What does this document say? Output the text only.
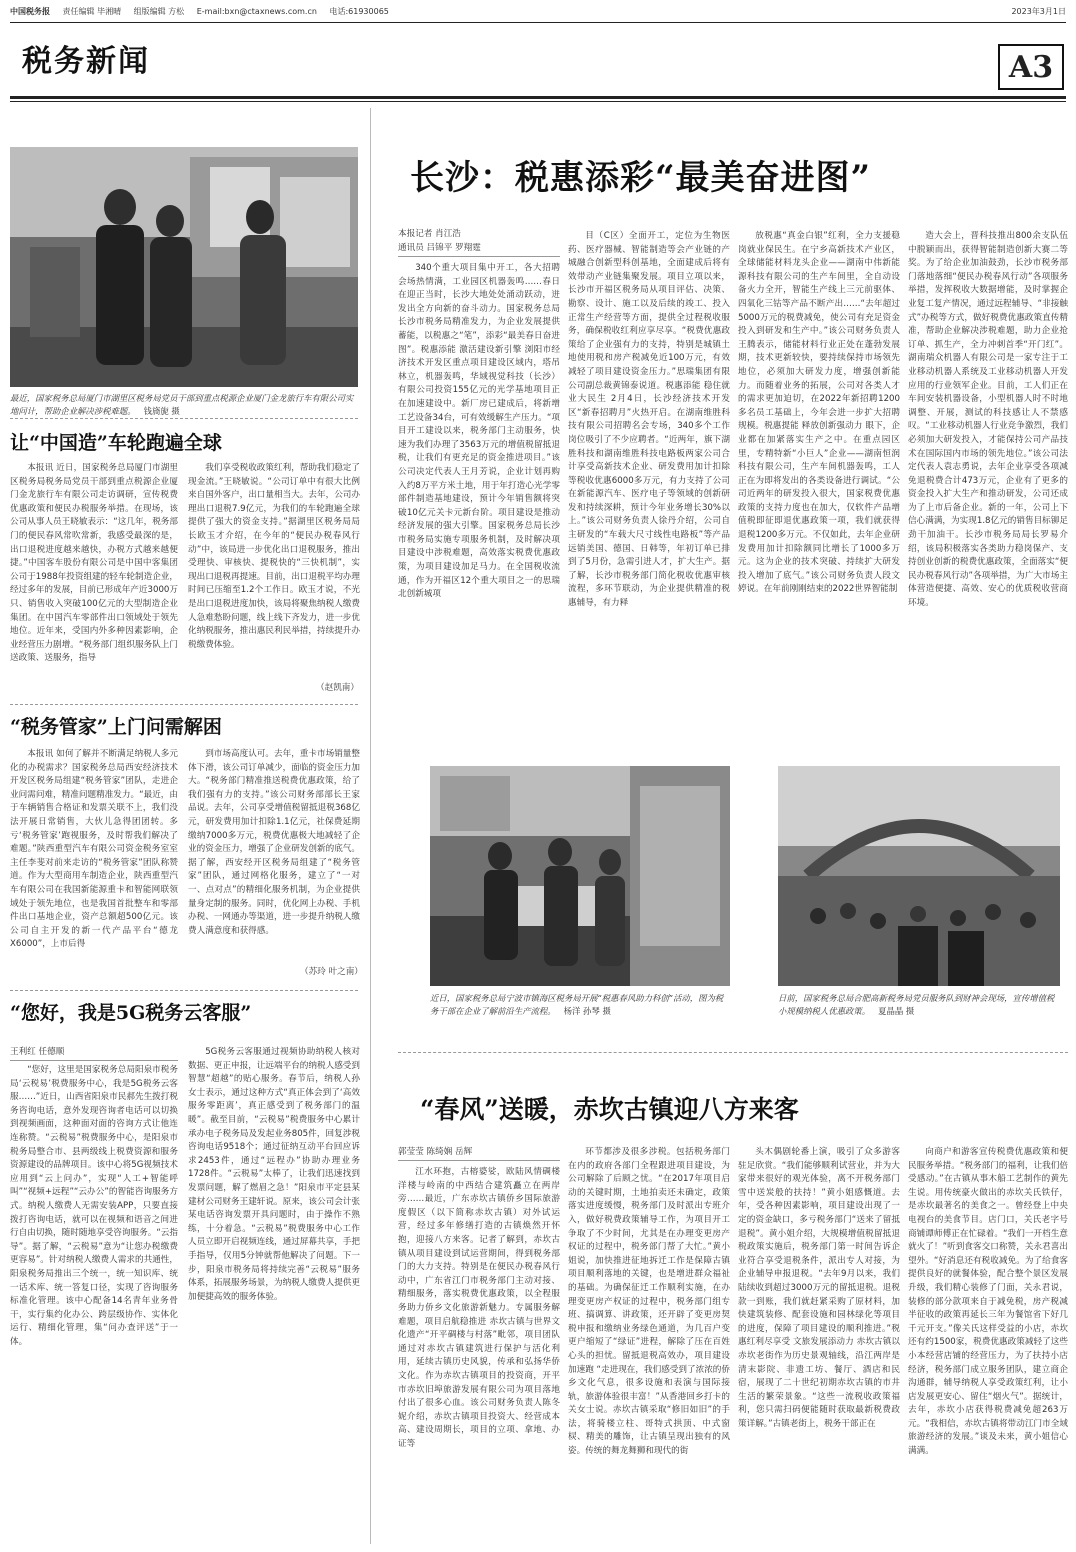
中国税务报 责任编辑 毕湘晴 组版编辑 方松 E-mail:bxn@ctaxnews.com.cn 电话:61930065	2023年3月1日
税务新闻	A3
最近，国家税务总局厦门市湖里区税务局党员干部到重点税源企业厦门金龙旅行车有限公司实地问计，帮助企业解决涉税难题。 钱旖旎 摄
让“中国造”车轮跑遍全球
本报讯 近日，国家税务总局厦门市湖里区税务局税务局党员干部到重点税源企业厦门金龙旅行车有限公司走访调研，宣传税费优惠政策和便民办税服务举措。在现场，该公司从事人员王晓敏表示：“这几年，税务部门的便民春风常吹常新，我感受最深的是，出口退税进度越来越快，办税方式越来越便捷。”中国客车股份有限公司是中国中客集团公司于1988年投资组建的轻车轮制造企业，经过多年的发展，目前已形成年产近3000万只、销售收入突破100亿元的大型制造企业集团。在中国汽车零部件出口领域处于领先地位。近年来，受国内外多种因素影响，企业经营压力剧增。“税务部门组织服务队上门送政策、送服务，指导
我们享受税收政策红利，帮助我们稳定了现金流。”王晓敏说。“公司订单中有很大比例来自国外客户，出口量相当大。去年，公司办理出口退税7.9亿元，为我们的车轮跑遍全球提供了强大的资金支持。”据湖里区税务局局长欧玉才介绍，在今年的“便民办税春风行动”中，该局进一步优化出口退税服务，推出受理快、审核快、提税快的“三快机制”，实现出口退税再提速。目前，出口退税平均办理时间已压缩至1.2个工作日。欧玉才说，不光是出口退税进度加快，该局将聚焦纳税人缴费人急难愁盼问题，线上线下齐发力，进一步优化纳税服务，推出惠民利民举措，持续提升办税缴费体验。
（赵凯南）
“税务管家”上门问需解困
本报讯 如何了解并不断满足纳税人多元化的办税需求？国家税务总局西安经济技术开发区税务局组建“税务管家”团队，走进企业问需问难，精准问题精准发力。“最近，由于车辆销售合格证和发票关联不上，我们没法开展日常销售，大伙儿急得团团转。多亏‘税务管家’跑视服务，及时帮我们解决了难题。”陕西重型汽车有限公司资金税务室室主任李斐对前来走访的“税务管家”团队称赞道。作为大型商用车制造企业，陕西重型汽车有限公司在我国新能源重卡和智能网联领域处于领先地位，也是我国首批整车和零部件出口基地企业，资产总额超500亿元。该公司自主开发的新一代产品平台“德龙X6000”，上市后得
到市场高度认可。去年，重卡市场销量整体下滑，该公司订单减少，面临的资金压力加大。“税务部门精准推送税费优惠政策，给了我们强有力的支持。”该公司财务部部长王家品说。去年，公司享受增值税留抵退税368亿元，研发费用加计扣除1.1亿元，社保费延期缴纳7000多万元，税费优惠极大地减轻了企业的资金压力，增强了企业研发创新的底气。据了解，西安经开区税务局组建了“税务管家”团队，通过网格化服务，建立了“一对一、点对点”的精细化服务机制，为企业提供量身定制的服务。同时，优化网上办税、手机办税、一网通办等渠道，进一步提升纳税人缴费人满意度和获得感。
（苏玲 叶之南）
“您好，我是5G税务云客服”
王利红 任德顺
“您好，这里是国家税务总局阳泉市税务局‘云税易’税费服务中心，我是5G税务云客服……”近日，山西省阳泉市民郝先生拨打税务咨询电话，意外发现咨询者电话可以切换到视频画面，这种面对面的咨询方式让他连连称赞。“云税易”税费服务中心，是阳泉市税务局整合市、县两级线上税费资源和服务资源建设的品牌项目。该中心将5G视频技术应用到“云上问办”，实现“人工+智能呼叫”“视频+远程”“云办公”的智能咨询服务方式。纳税人缴费人无需安装APP，只要直接拨打咨询电话，就可以在视频和语音之间进行自由切换，随时随地享受咨询服务。“云指导”。据了解，“云税易”意为“让您办税缴费更容易”。针对纳税人缴费人需求的共通性，阳泉税务局推出三个统一，统一知识库、统一话术库、统一答复口径，实现了咨询服务标准化管理。该中心配备14名青年业务骨干，实行集约化办公、跨层级协作、实体化运行、精细化管理，集“问办查评送”于一体。
5G税务云客服通过视频协助纳税人核对数据、更正申报，让远端平台的纳税人感受到智慧“超越”的贴心服务。春节后，纳税人孙女士表示，通过这种方式“真正体会到了‘高效服务零距离’，真正感受到了税务部门的温暖”。截至目前，“云税易”税费服务中心累计承办电子税务局及发起业务805件，回复涉税咨询电话9518个；通过征纳互动平台回应诉求2453件，通过“远程办”协助办理业务1728件。“云税易”太棒了，让我们迅速找到发票问题，解了燃眉之急！”阳泉市平定县某建材公司财务王建轩说。原来，该公司会计张某电话咨询发票开具问题时，由于操作不熟练，十分着急。“云税易”税费服务中心工作人员立即开启视频连线，通过屏幕共享，手把手指导，仅用5分钟就帮他解决了问题。下一步，阳泉市税务局将持续完善“云税易”服务体系，拓展服务场景，为纳税人缴费人提供更加便捷高效的服务体验。
长沙：税惠添彩“最美奋进图”
本报记者 肖江浩
通讯员 吕锦平 罗翔霆
340个重大项目集中开工，各大招聘会场热情满，工业园区机器轰鸣……春日在迎正当时，长沙大地处处涌动跃动，迸发出全方向新的奋斗动力。国家税务总局长沙市税务局精准发力，为企业发展提供蓄能，以税惠之“笔”，添彩“最美春日奋进图”。税惠添能 激活建设新引擎 浏阳市经济技术开发区重点项目建设区域内，塔吊林立，机器轰鸣，华域视觉科技（长沙）有限公司投资155亿元的光学基地项目正在加速建设中。新厂房已建成后，将新增工艺设备34台，可有效缓解生产压力。“项目开工建设以来，税务部门主动服务，快速为我们办理了3563万元的增值税留抵退税，让我们有更充足的资金推进项目。”该公司决定代表人王月芳说，企业计划再购入约8万平方米土地，用于年打造心光学零部件制造基地建设，预计今年销售额将突破10亿元关卡元新台阶。项目建设是推动经济发展的强大引擎。国家税务总局长沙市税务局实施专项服务机制，及时解决项目建设中涉税难题，高效落实税费优惠政策，为项目建设加足马力。在全国税收流通，作为开福区12个重大项目之一的思瑞北创新城项
目（C区）全面开工，定位为生物医药、医疗器械、智能制造等会产业链的产城融合创新型科创基地，全面建成后将有效带动产业链集聚发展。项目立项以来，长沙市开福区税务局从项目评估、决策、勘察、设计、施工以及后续的竣工、投入正常生产经营等方面，提供全过程税收服务，确保税收红利应享尽享。“税费优惠政策给了企业强有力的支持，特别是城镇土地使用税和房产税减免近100万元，有效减轻了项目建设资金压力。”思瑞集团有限公司副总裁黄锦泰说道。税惠添能 稳住就业大民生 2月4日，长沙经济技术开发区“新春招聘月”火热开启。在湖南维胜科技有限公司招聘名会专场，340多个工作岗位吸引了不少应聘者。“近两年，旗下湖胜科技和湖南维胜科技电路板两家公司合计享受高新技术企业、研发费用加计扣除等税收优惠6000多万元，有力支持了公司在新能源汽车、医疗电子等领域的创新研发和持续深耕，预计今年业务增长30%以上。”该公司财务负责人徐丹介绍，公司自主研发的“车载大尺寸线性电路板”等产品远销美国、德国、日韩等，年初订单已排到了5月份，急需引进人才，扩大生产。据了解，长沙市税务部门简化税收优惠审核流程，多环节联动，为企业提供精准的税惠辅导，有力释
放税惠“真金白银”红利，全力支援稳岗就业保民生。在宁乡高新技术产业区，全球储能材料龙头企业——湖南中伟新能源科技有限公司的生产车间里，全自动设备火力全开，智能生产线上三元前驱体、四氧化三钴等产品不断产出……“去年超过5000万元的税费减免，使公司有充足资金投入到研发和生产中。”该公司财务负责人王腾表示，储能材料行业正处在蓬勃发展期，技术更新较快，要持续保持市场领先地位，必须加大研发力度，增强创新能力。而随着业务的拓展，公司对各类人才的需求更加迫切，在2022年新招聘1200多名员工基础上，今年会进一步扩大招聘规模。税惠提能 释放创新强动力 眼下，企业都在加紧落实生产之中。在重点园区里，专精特新“小巨人”企业——湖南恒润科技有限公司，生产车间机器轰鸣，工人正在为即将发出的各类设备进行调试。“公司近两年的研发投入很大，国家税费优惠政策的支持力度也在加大，仅软件产品增值税即征即退优惠政策一项，我们就获得退税1200多万元。不仅如此，去年企业研发费用加计扣除额同比增长了1000多万元。这为企业的技术突破、持续扩大研发投入增加了底气。”该公司财务负责人段文婷说。在年前刚刚结束的2022世界智能制
造大会上，晋科技推出800余支队伍中脱颖而出，获得智能制造创新大赛二等奖。为了给企业加油鼓劲，长沙市税务部门落地落细“便民办税春风行动”各项服务举措，发挥税收大数据增能，及时掌握企业复工复产情况，通过远程辅导、“非接触式”办税等方式，做好税费优惠政策直传精准，帮助企业解决涉税难题，助力企业抢订单、抓生产，全力冲刺首季“开门红”。湖南瑞众机器人有限公司是一家专注于工业移动机器人系统及工业移动机器人开发应用的行业领军企业。目前，工人们正在车间安装机器设备，小型机器人时不时地调整、开展，测试的科技感让人不禁感叹。“工业移动机器人行业竞争激烈，我们必须加大研发投入，才能保持公司产品技术在国际国内市场的领先地位。”该公司法定代表人袁志勇说，去年企业享受各项减免退税费合计473万元，企业有了更多的资金投入扩大生产和推动研发，公司还成为了上市后备企业。新的一年，公司上下信心满满，为实现1.8亿元的销售目标铆足劲干加油干。长沙市税务局局长罗易介绍，该局积极落实各类助力稳岗保产、支持创业创新的税费优惠政策，全面落实“便民办税春风行动”各项举措，为广大市场主体营造便捷、高效、安心的优质税收营商环境。
近日，国家税务总局宁波市镇海区税务局开展“税惠春风助力科创”活动，图为税务干部在企业了解前沿生产流程。 杨洋 孙琴 摄
日前，国家税务总局合肥高新税务局党员服务队到财神会现场，宣传增值税小规模纳税人优惠政策。 夏晶晶 摄
“春风”送暖，赤坎古镇迎八方来客
郭莹莹 陈绮娴 岳辉
江水环抱，古榕婆娑，欧陆风情碉楼洋楼与岭南的中西结合建筑矗立在两岸旁……最近，广东赤坎古镇侨乡国际旅游度假区（以下简称赤坎古镇）对外试运营，经过多年修缮打造的古镇焕然开怀抱，迎接八方来客。记者了解到，赤坎古镇从项目建设到试运营期间，得到税务部门的大力支持。特别是在便民办税春风行动中，广东省江门市税务部门主动对接、精细服务，落实税费优惠政策，以全程服务助力侨乡文化旅游新魅力。专属服务解难题，项目启航稳推进 赤坎古镇与世界文化遗产“开平碉楼与村落”毗邻，项目团队通过对赤坎古镇建筑进行保护与活化利用，延续古镇历史风貌，传承和弘扬华侨文化。作为赤坎古镇项目的投资商，开平市赤坎旧埠旅游发展有限公司为项目落地付出了很多心血。该公司财务负责人陈冬妮介绍，赤坎古镇项目投资大、经营成本高、建设周期长，项目的立项、拿地、办证等
环节都涉及很多涉税。包括税务部门在内的政府各部门全程跟进项目建设，为公司解除了后顾之忧。“在2017年项目启动的关键时期，土地拍卖还未确定，政策落实进度缓慢，税务部门及时派出专班介入，做好税费政策辅导工作，为项目开工争取了不少时间，尤其是在办理变更房产权证的过程中，税务部门帮了大忙。”黄小姐说，加快推进征地拆迁工作是保障古镇项目顺利落地的关键，也是增进群众福祉的基础。为确保征迁工作顺利实施，在办理变更房产权证的过程中，税务部门组专班、搞调算、讲政策，还开辟了变更房契税申报和缴纳业务绿色通道，为几百户变更户缩短了“绿证”进程，解除了压在百姓心头的担忧。留抵退税高效办，项目建设加速跑 “走进现在，我们感受到了浓浓的侨乡文化气息，很多设施和表演与国际接轨，旅游体验很丰富！”从香港回乡打卡的关女士说。赤坎古镇采取“修旧如旧”的手法，将骑楼立柱、哥特式拱顶、中式窗棂、精美的雕饰，让古镇呈现出独有的风姿。传统的舞龙舞狮和现代的街
头木偶剧轮番上演，吸引了众多游客驻足欣赏。“我们能够顺利试营业，并为大家带来很好的观光体验，离不开税务部门雪中送炭般的扶持！”黄小姐感慨道。去年，受各种因素影响，项目建设出现了一定的资金缺口，多亏税务部门“送来了留抵退税”。黄小姐介绍，大规模增值税留抵退税政策实施后，税务部门第一时间告诉企业符合享受退税条件，派出专人对接，为企业辅导申报退税。“去年9月以来，我们陆续收到超过3000万元的留抵退税。退税款一到账，我们就赶紧采购了原材料，加快建筑装修、配套设施和园林绿化等项目的进度，保障了项目建设的顺利推进。”税惠红利尽享受 文旅发展添动力 赤坎古镇以赤坎老街作为历史景观轴线，沿江两岸是清末影院、非遗工坊、餐厅、酒店和民宿，展现了二十世纪初期赤坎古镇的市井生活的繁荣景象。“这些一流税收政策福利，您只需扫码便能随时获取最新税费政策详解。”古镇老街上，税务干部正在
向商户和游客宣传税费优惠政策和便民服务举措。“税务部门的福利，让我们倍受感动。”在古镇从事木船工艺制作的黄先生说。用传统豪火做出的赤坎关氏铁仔，是赤坎最著名的美食之一。曾经登上中央电视台的美食节目。店门口，关氏老字号商铺谭师傅正在忙碌着。“我们一开档生意就火了！”听到食客交口称赞，关永君喜出望外。“好消息还有税收减免。为了给食客提供良好的就餐体验，配合整个景区发展升级，我们精心装修了门面，关永君说，装修的部分款项来自于减免税，房产税减半征收的政策再延长三年为餐馆省下好几千元开支。”像关氏这样受益的小店，赤坎还有约1500家，税费优惠政策减轻了这些小本经营店铺的经营压力，为了扶持小店经济，税务部门成立服务团队，建立商企沟通群，辅导纳税人享受政策红利，让小店发展更安心、留住“烟火气”。据统计，去年，赤坎小店获得税费减免超263万元。“我相信，赤坎古镇将带动江门市全域旅游经济的发展。”谈及未来，黄小姐信心满满。
